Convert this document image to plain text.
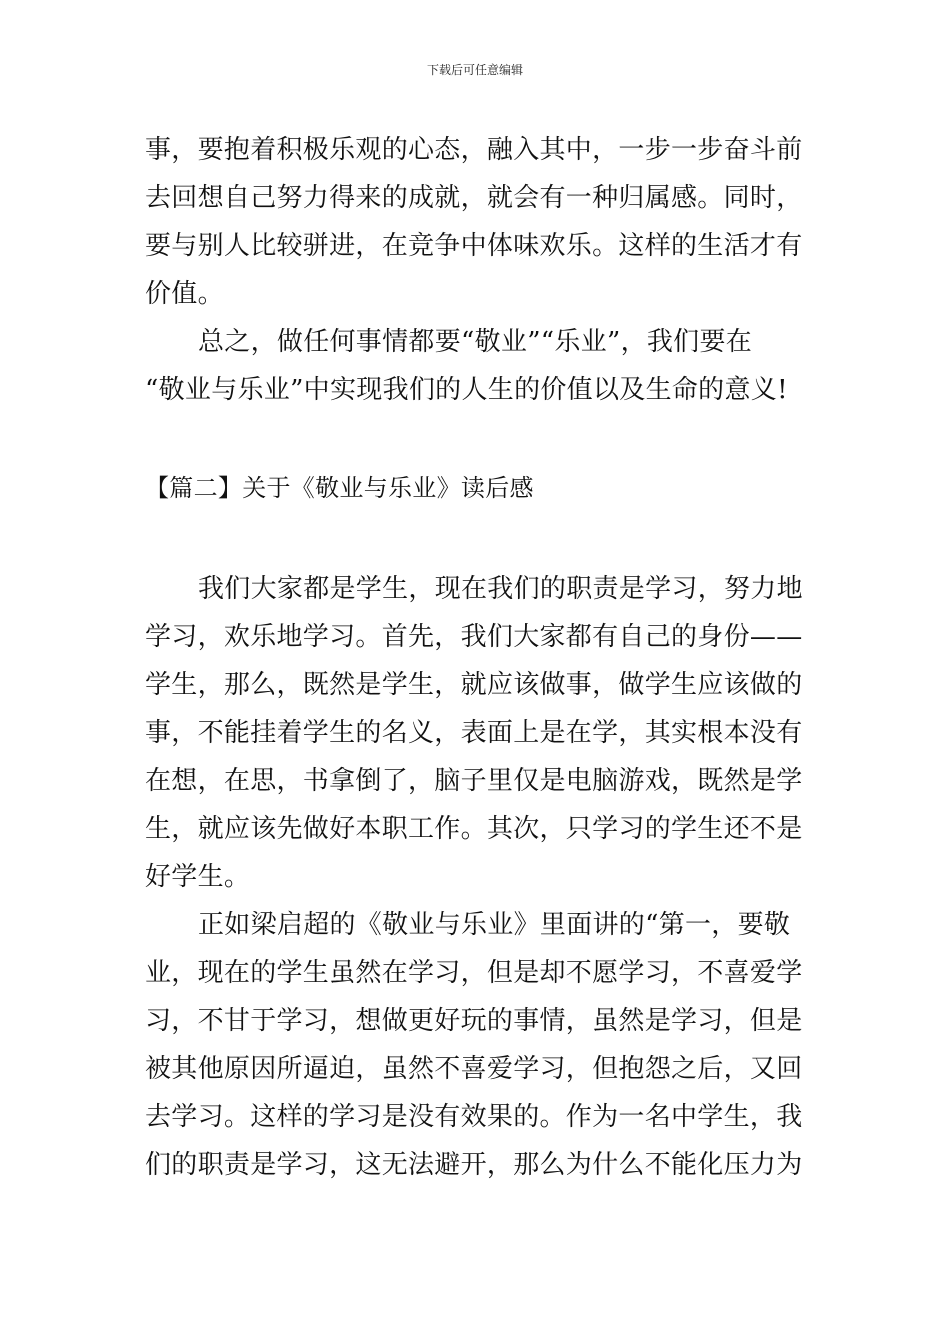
下载后可任意编辑
事，要抱着积极乐观的心态，融入其中，一步一步奋斗前
去回想自己努力得来的成就，就会有一种归属感。同时，
要与别人比较骈进，在竞争中体味欢乐。这样的生活才有
价值。
总之，做任何事情都要“敬业”“乐业”，我们要在
“敬业与乐业”中实现我们的人生的价值以及生命的意义!
【篇二】关于《敬业与乐业》读后感
我们大家都是学生，现在我们的职责是学习，努力地
学习，欢乐地学习。首先，我们大家都有自己的身份——
学生，那么，既然是学生，就应该做事，做学生应该做的
事，不能挂着学生的名义，表面上是在学，其实根本没有
在想，在思，书拿倒了，脑子里仅是电脑游戏，既然是学
生，就应该先做好本职工作。其次，只学习的学生还不是
好学生。
正如梁启超的《敬业与乐业》里面讲的“第一，要敬
业，现在的学生虽然在学习，但是却不愿学习，不喜爱学
习，不甘于学习，想做更好玩的事情，虽然是学习，但是
被其他原因所逼迫，虽然不喜爱学习，但抱怨之后，又回
去学习。这样的学习是没有效果的。作为一名中学生，我
们的职责是学习，这无法避开，那么为什么不能化压力为
